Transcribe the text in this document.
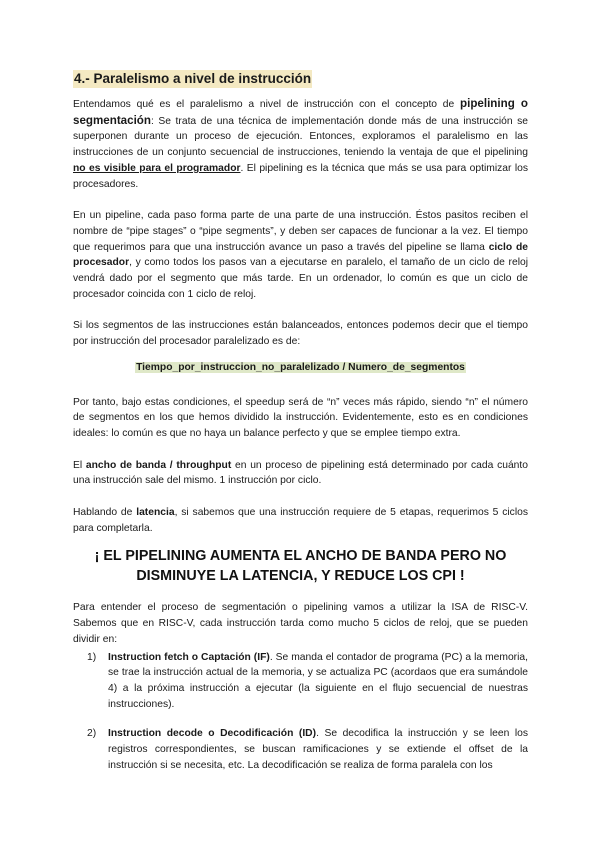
4.- Paralelismo a nivel de instrucción

Entendamos qué es el paralelismo a nivel de instrucción con el concepto de pipelining o segmentación: Se trata de una técnica de implementación donde más de una instrucción se superponen durante un proceso de ejecución. Entonces, exploramos el paralelismo en las instrucciones de un conjunto secuencial de instrucciones, teniendo la ventaja de que el pipelining no es visible para el programador. El pipelining es la técnica que más se usa para optimizar los procesadores.

En un pipeline, cada paso forma parte de una parte de una instrucción. Éstos pasitos reciben el nombre de “pipe stages” o “pipe segments”, y deben ser capaces de funcionar a la vez. El tiempo que requerimos para que una instrucción avance un paso a través del pipeline se llama ciclo de procesador, y como todos los pasos van a ejecutarse en paralelo, el tamaño de un ciclo de reloj vendrá dado por el segmento que más tarde. En un ordenador, lo común es que un ciclo de procesador coincida con 1 ciclo de reloj.

Si los segmentos de las instrucciones están balanceados, entonces podemos decir que el tiempo por instrucción del procesador paralelizado es de:

Tiempo_por_instruccion_no_paralelizado / Numero_de_segmentos

Por tanto, bajo estas condiciones, el speedup será de “n” veces más rápido, siendo “n” el número de segmentos en los que hemos dividido la instrucción. Evidentemente, esto es en condiciones ideales: lo común es que no haya un balance perfecto y que se emplee tiempo extra.

El ancho de banda / throughput en un proceso de pipelining está determinado por cada cuánto una instrucción sale del mismo. 1 instrucción por ciclo.

Hablando de latencia, si sabemos que una instrucción requiere de 5 etapas, requerimos 5 ciclos para completarla.

¡ EL PIPELINING AUMENTA EL ANCHO DE BANDA PERO NO DISMINUYE LA LATENCIA, Y REDUCE LOS CPI !

Para entender el proceso de segmentación o pipelining vamos a utilizar la ISA de RISC-V. Sabemos que en RISC-V, cada instrucción tarda como mucho 5 ciclos de reloj, que se pueden dividir en:

1) Instruction fetch o Captación (IF). Se manda el contador de programa (PC) a la memoria, se trae la instrucción actual de la memoria, y se actualiza PC (acordaos que era sumándole 4) a la próxima instrucción a ejecutar (la siguiente en el flujo secuencial de nuestras instrucciones).
2) Instruction decode o Decodificación (ID). Se decodifica la instrucción y se leen los registros correspondientes, se buscan ramificaciones y se extiende el offset de la instrucción si se necesita, etc. La decodificación se realiza de forma paralela con los
